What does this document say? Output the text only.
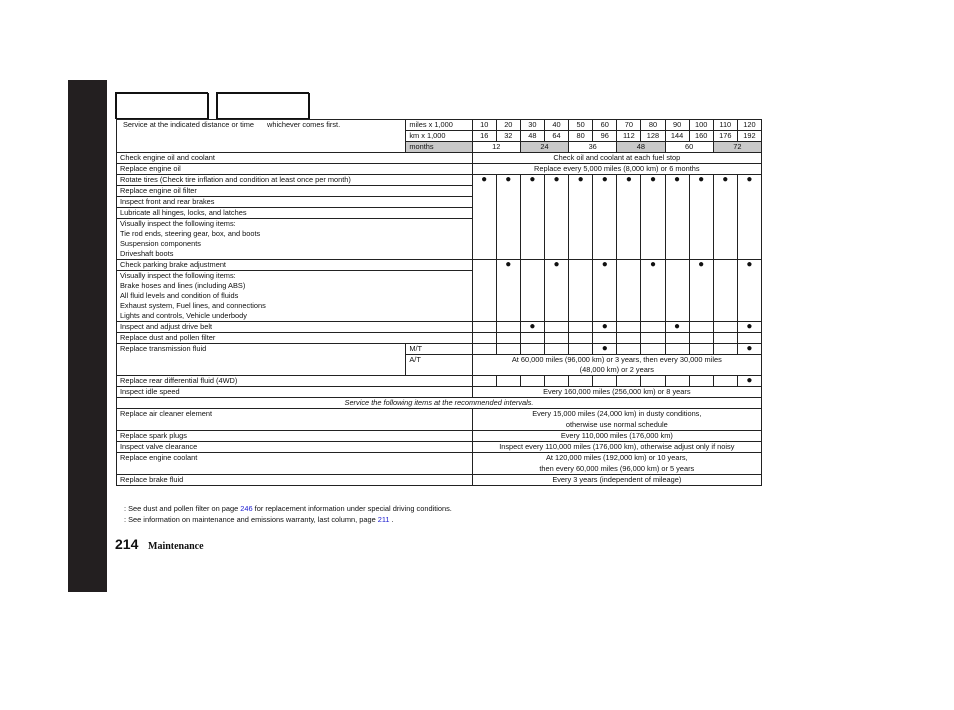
Service at the indicated distance or time whichever comes first.	miles x 1,000	10	20	30	40	50	60	70	80	90	100	110	120
	km x 1,000	16	32	48	64	80	96	112	128	144	160	176	192
	months	12		24		36		48		60		72	
Check engine oil and coolant		Check oil and coolant at each fuel stop											
Replace engine oil		Replace every 5,000 miles (8,000 km) or 6 months											
Rotate tires (Check tire inflation and condition at least once per month)		●	●	●	●	●	●	●	●	●	●	●	●
Replace engine oil filter													
Inspect front and rear brakes													
Lubricate all hinges, locks, and latches													
Visually inspect the following items:													
Tie rod ends, steering gear, box, and boots													
Suspension components													
Driveshaft boots													
Check parking brake adjustment			●		●		●		●		●		●
Visually inspect the following items:													
Brake hoses and lines (including ABS)													
All fluid levels and condition of fluids													
Exhaust system, Fuel lines, and connections													
Lights and controls, Vehicle underbody													
Inspect and adjust drive belt				●			●			●			●
Replace dust and pollen filter													
Replace transmission fluid	M/T						●						●
	A/T	At 60,000 miles (96,000 km) or 3 years, then every 30,000 miles
(48,000 km) or 2 years											

Replace rear differential fluid (4WD)													●
Inspect idle speed		Every 160,000 miles (256,000 km) or 8 years											
Service the following items at the recommended intervals.													
Replace air cleaner element		Every 15,000 miles (24,000 km) in dusty conditions,
otherwise use normal schedule											

Replace spark plugs		Every 110,000 miles (176,000 km)											
Inspect valve clearance		Inspect every 110,000 miles (176,000 km), otherwise adjust only if noisy											
Replace engine coolant		At 120,000 miles (192,000 km) or 10 years,
then every 60,000 miles (96,000 km) or 5 years											

Replace brake fluid		Every 3 years (independent of mileage)											
: See dust and pollen filter on page 246 for replacement information under special driving conditions.
: See information on maintenance and emissions warranty, last column, page 211 .
214 Maintenance
